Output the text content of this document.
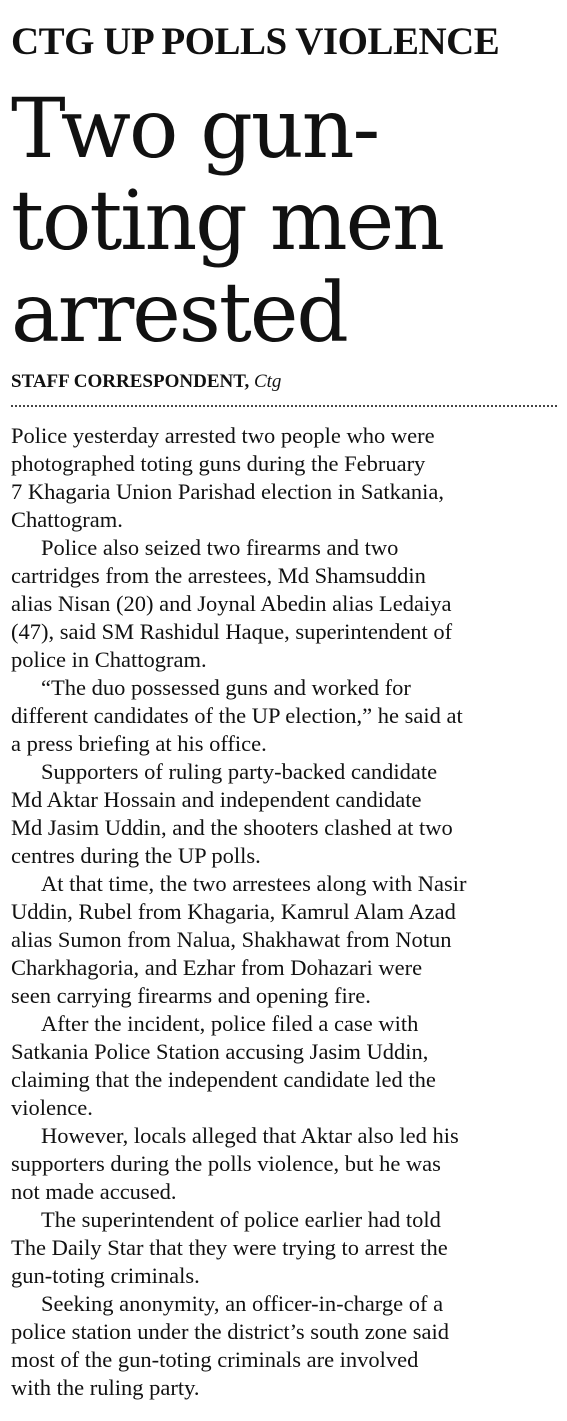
CTG UP POLLS VIOLENCE
Two gun-
toting men
arrested
STAFF CORRESPONDENT, Ctg
Police yesterday arrested two people who were
photographed toting guns during the February
7 Khagaria Union Parishad election in Satkania,
Chattogram.
Police also seized two firearms and two
cartridges from the arrestees, Md Shamsuddin
alias Nisan (20) and Joynal Abedin alias Ledaiya
(47), said SM Rashidul Haque, superintendent of
police in Chattogram.
“The duo possessed guns and worked for
different candidates of the UP election,” he said at
a press briefing at his office.
Supporters of ruling party-backed candidate
Md Aktar Hossain and independent candidate
Md Jasim Uddin, and the shooters clashed at two
centres during the UP polls.
At that time, the two arrestees along with Nasir
Uddin, Rubel from Khagaria, Kamrul Alam Azad
alias Sumon from Nalua, Shakhawat from Notun
Charkhagoria, and Ezhar from Dohazari were
seen carrying firearms and opening fire.
After the incident, police filed a case with
Satkania Police Station accusing Jasim Uddin,
claiming that the independent candidate led the
violence.
However, locals alleged that Aktar also led his
supporters during the polls violence, but he was
not made accused.
The superintendent of police earlier had told
The Daily Star that they were trying to arrest the
gun-toting criminals.
Seeking anonymity, an officer-in-charge of a
police station under the district’s south zone said
most of the gun-toting criminals are involved
with the ruling party.
